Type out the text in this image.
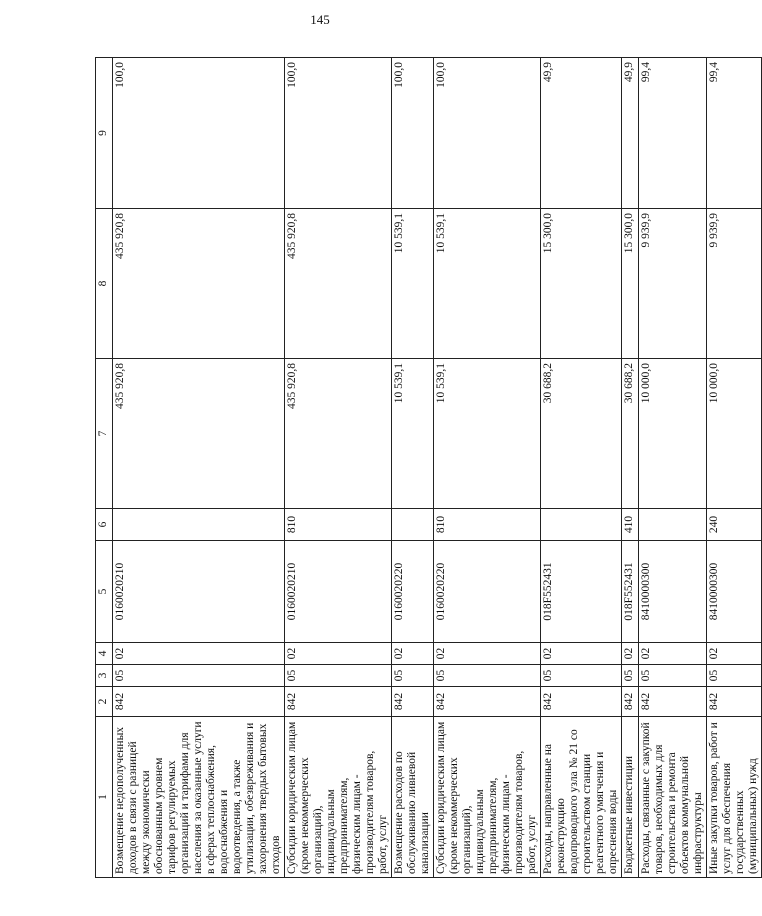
145
1	2	3	4	5	6	7	8	9
Возмещение недополученных доходов в связи с разницей между экономически обоснованным уровнем тарифов регулируемых организаций и тарифами для населения за оказанные услуги в сферах теплоснабжения, водоснабжения и водоотведения, а также утилизации, обезвреживания и захоронения твердых бытовых отходов	842	05	02	0160020210		435 920,8	435 920,8	100,0
Субсидии юридическим лицам (кроме некоммерческих организаций), индивидуальным предпринимателям, физическим лицам - производителям товаров, работ, услуг	842	05	02	0160020210	810	435 920,8	435 920,8	100,0
Возмещение расходов по обслуживанию ливневой канализации	842	05	02	0160020220		10 539,1	10 539,1	100,0
Субсидии юридическим лицам (кроме некоммерческих организаций), индивидуальным предпринимателям, физическим лицам - производителям товаров, работ, услуг	842	05	02	0160020220	810	10 539,1	10 539,1	100,0
Расходы, направленные на реконструкцию водопроводного узла № 21 со строительством станции реагентного умягчения и опреснения воды	842	05	02	018F552431		30 688,2	15 300,0	49,9
Бюджетные инвестиции	842	05	02	018F552431	410	30 688,2	15 300,0	49,9
Расходы, связанные с закупкой товаров, необходимых для строительства и ремонта объектов коммунальной инфраструктуры	842	05	02	8410000300		10 000,0	9 939,9	99,4
Иные закупки товаров, работ и услуг для обеспечения государственных (муниципальных) нужд	842	05	02	8410000300	240	10 000,0	9 939,9	99,4
